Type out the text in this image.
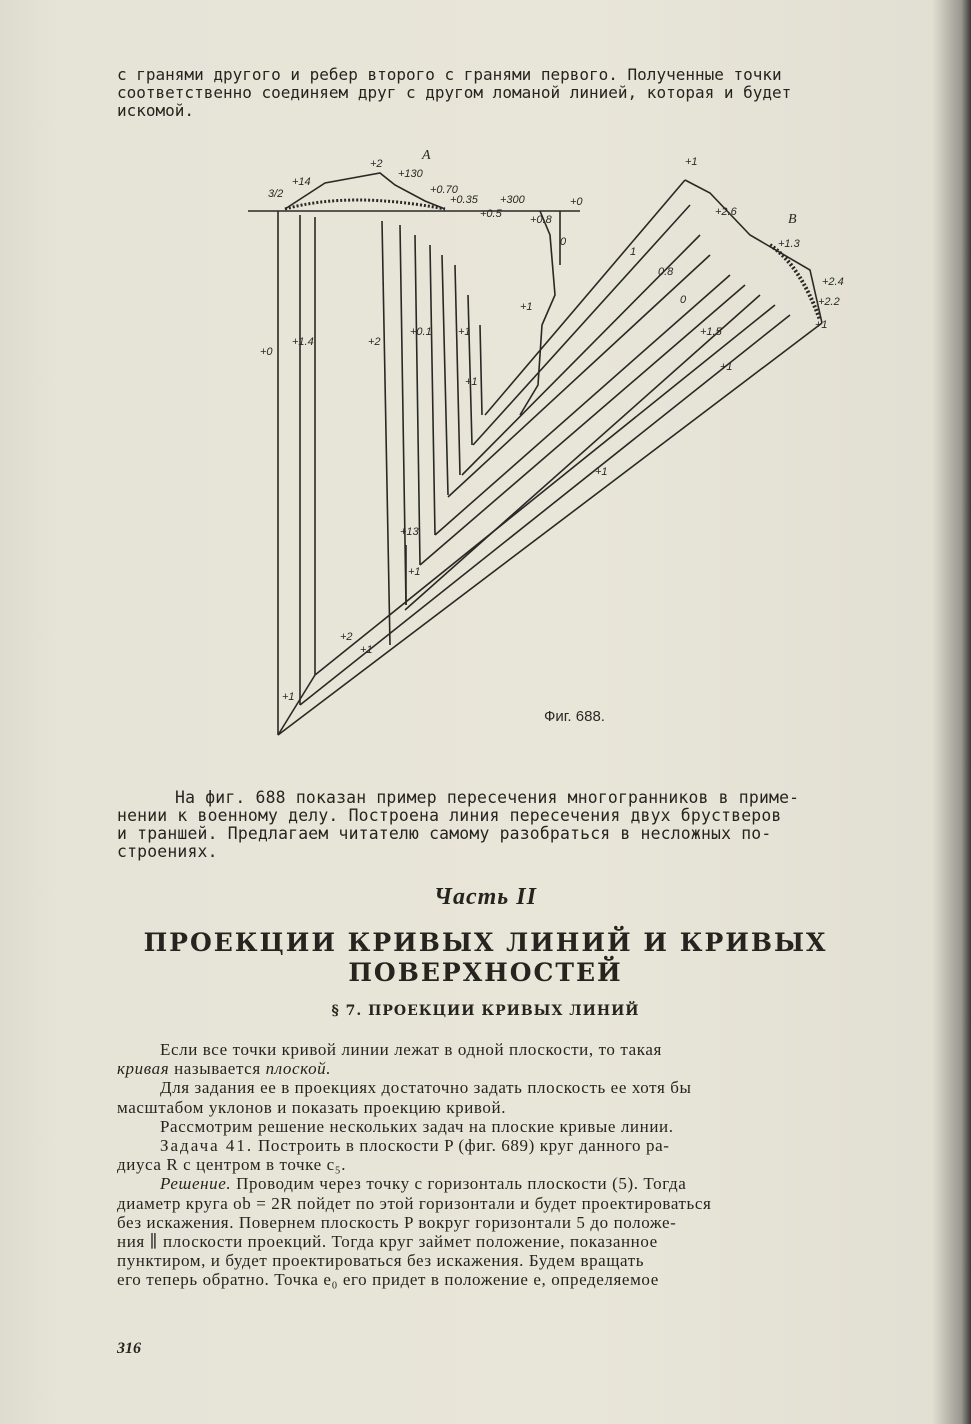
с гранями другого и ребер второго с гранями первого. Полученные точки
соответственно соединяем друг с другом ломаной линией, которая и будет
искомой.
+14
+2
+130
+0.70
+0.35 +300	+0
+0.5	+0.8
3/2
+0
+1.4	+2
+0.1 +1
0
+1
+1
+13
+1
+2
+1
+1
1
0.8
0
+1.5
+1
+2.6
+1.3
+2.4
+2.2
+1
+1
+1
A
B
Фиг. 688.
На фиг. 688 показан пример пересечения многогранников в приме-
нении к военному делу. Построена линия пересечения двух брустверов
и траншей. Предлагаем читателю самому разобраться в несложных по-
строениях.
Часть II
ПРОЕКЦИИ КРИВЫХ ЛИНИЙ И КРИВЫХ
ПОВЕРХНОСТЕЙ
§ 7. ПРОЕКЦИИ КРИВЫХ ЛИНИЙ
Если все точки кривой линии лежат в одной плоскости, то такая
кривая называется плоской.
Для задания ее в проекциях достаточно задать плоскость ее хотя бы
масштабом уклонов и показать проекцию кривой.
Рассмотрим решение нескольких задач на плоские кривые линии.
Задача 41. Построить в плоскости P (фиг. 689) круг данного ра-
диуса R с центром в точке c₅.
Решение. Проводим через точку c горизонталь плоскости (5). Тогда
диаметр круга ob = 2R пойдет по этой горизонтали и будет проектироваться
без искажения. Повернем плоскость P вокруг горизонтали 5 до положе-
ния ∥ плоскости проекций. Тогда круг займет положение, показанное
пунктиром, и будет проектироваться без искажения. Будем вращать
его теперь обратно. Точка e₀ его придет в положение e, определяемое
316
